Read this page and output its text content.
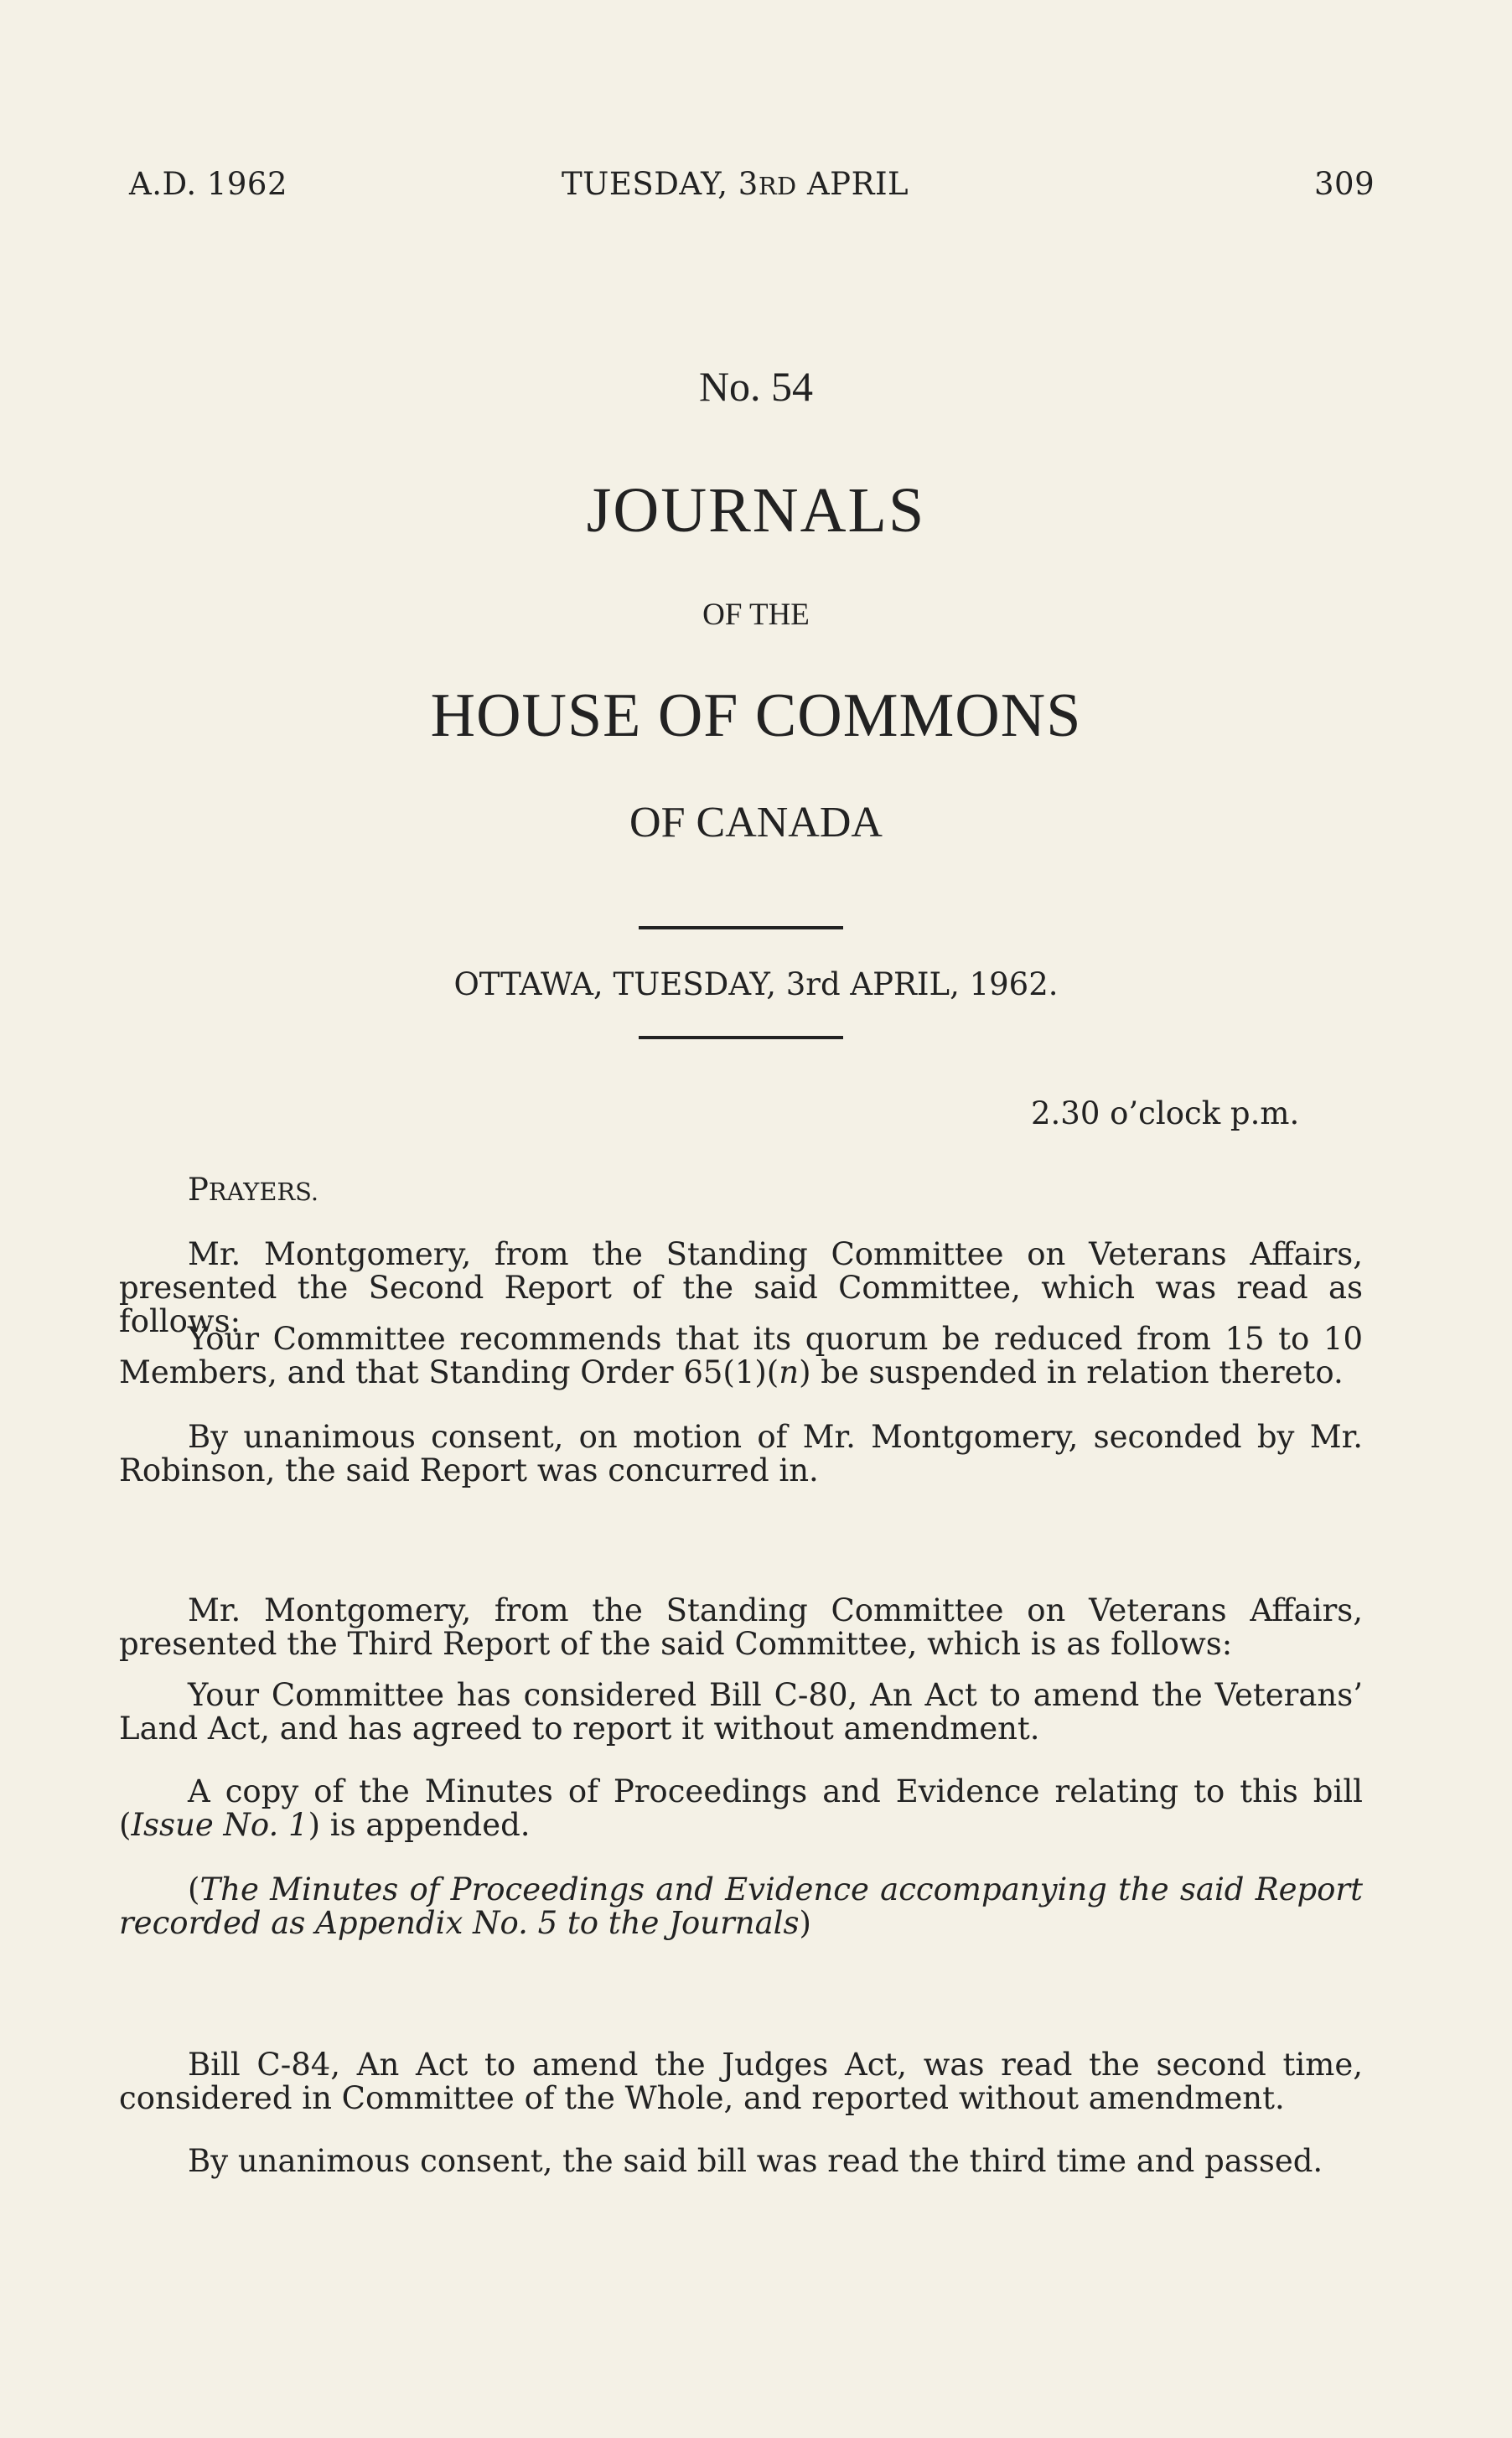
A.D. 1962	TUESDAY, 3RD APRIL	309
No. 54
JOURNALS
OF THE
HOUSE OF COMMONS
OF CANADA
OTTAWA, TUESDAY, 3rd APRIL, 1962.
2.30 o’clock p.m.
PRAYERS.
Mr. Montgomery, from the Standing Committee on Veterans Affairs, presented the Second Report of the said Committee, which was read as follows:
Your Committee recommends that its quorum be reduced from 15 to 10 Members, and that Standing Order 65(1)(n) be suspended in relation thereto.
By unanimous consent, on motion of Mr. Montgomery, seconded by Mr. Robinson, the said Report was concurred in.
Mr. Montgomery, from the Standing Committee on Veterans Affairs, presented the Third Report of the said Committee, which is as follows:
Your Committee has considered Bill C-80, An Act to amend the Veterans’ Land Act, and has agreed to report it without amendment.
A copy of the Minutes of Proceedings and Evidence relating to this bill (Issue No. 1) is appended.
(The Minutes of Proceedings and Evidence accompanying the said Report recorded as Appendix No. 5 to the Journals)
Bill C-84, An Act to amend the Judges Act, was read the second time, considered in Committee of the Whole, and reported without amendment.
By unanimous consent, the said bill was read the third time and passed.
